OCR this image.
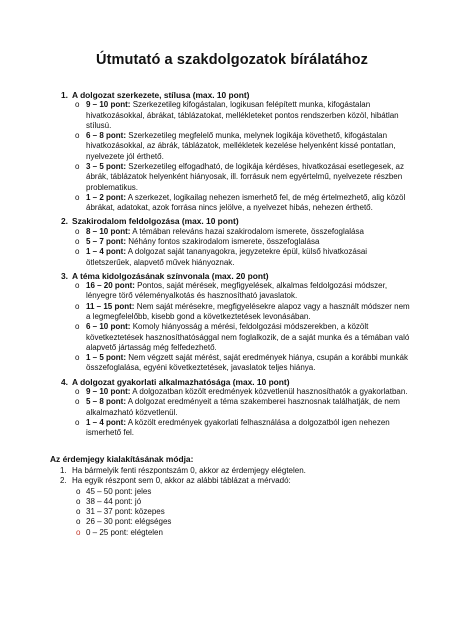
Útmutató a szakdolgozatok bírálatához
1. A dolgozat szerkezete, stílusa (max. 10 pont)
o 9 – 10 pont: Szerkezetileg kifogástalan, logikusan felépített munka, kifogástalan hivatkozásokkal, ábrákat, táblázatokat, mellékleteket pontos rendszerben közöl, hibátlan stílusú.
o 6 – 8 pont: Szerkezetileg megfelelő munka, melynek logikája követhető, kifogástalan hivatkozásokkal, az ábrák, táblázatok, mellékletek kezelése helyenként kissé pontatlan, nyelvezete jól érthető.
o 3 – 5 pont: Szerkezetileg elfogadható, de logikája kérdéses, hivatkozásai esetlegesek, az ábrák, táblázatok helyenként hiányosak, ill. forrásuk nem egyértelmű, nyelvezete részben problematikus.
o 1 – 2 pont: A szerkezet, logikailag nehezen ismerhető fel, de még értelmezhető, alig közöl ábrákat, adatokat, azok forrása nincs jelölve, a nyelvezet hibás, nehezen érthető.
2. Szakirodalom feldolgozása (max. 10 pont)
o 8 – 10 pont: A témában releváns hazai szakirodalom ismerete, összefoglalása
o 5 – 7 pont: Néhány fontos szakirodalom ismerete, összefoglalása
o 1 – 4 pont: A dolgozat saját tananyagokra, jegyzetekre épül, külső hivatkozásai ötletszerűek, alapvető művek hiányoznak.
3. A téma kidolgozásának színvonala (max. 20 pont)
o 16 – 20 pont: Pontos, saját mérések, megfigyelések, alkalmas feldolgozási módszer, lényegre törő véleményalkotás és hasznosítható javaslatok.
o 11 – 15 pont: Nem saját mérésekre, megfigyelésekre alapoz vagy a használt módszer nem a legmegfelelőbb, kisebb gond a következtetések levonásában.
o 6 – 10 pont: Komoly hiányosság a mérési, feldolgozási módszerekben, a közölt következtetések hasznosíthatósággal nem foglalkozik, de a saját munka és a témában való alapvető jártasság még felfedezhető.
o 1 – 5 pont: Nem végzett saját mérést, saját eredmények hiánya, csupán a korábbi munkák összefoglalása, egyéni következtetések, javaslatok teljes hiánya.
4. A dolgozat gyakorlati alkalmazhatósága (max. 10 pont)
o 9 – 10 pont: A dolgozatban közölt eredmények közvetlenül hasznosíthatók a gyakorlatban.
o 5 – 8 pont: A dolgozat eredményeit a téma szakemberei hasznosnak találhatják, de nem alkalmazható közvetlenül.
o 1 – 4 pont: A közölt eredmények gyakorlati felhasználása a dolgozatból igen nehezen ismerhető fel.
Az érdemjegy kialakításának módja:
1. Ha bármelyik fenti részpontszám 0, akkor az érdemjegy elégtelen.
2. Ha egyik részpont sem 0, akkor az alábbi táblázat a mérvadó:
o 45 – 50 pont: jeles
o 38 – 44 pont: jó
o 31 – 37 pont: közepes
o 26 – 30 pont: elégséges
o 0 – 25 pont: elégtelen
